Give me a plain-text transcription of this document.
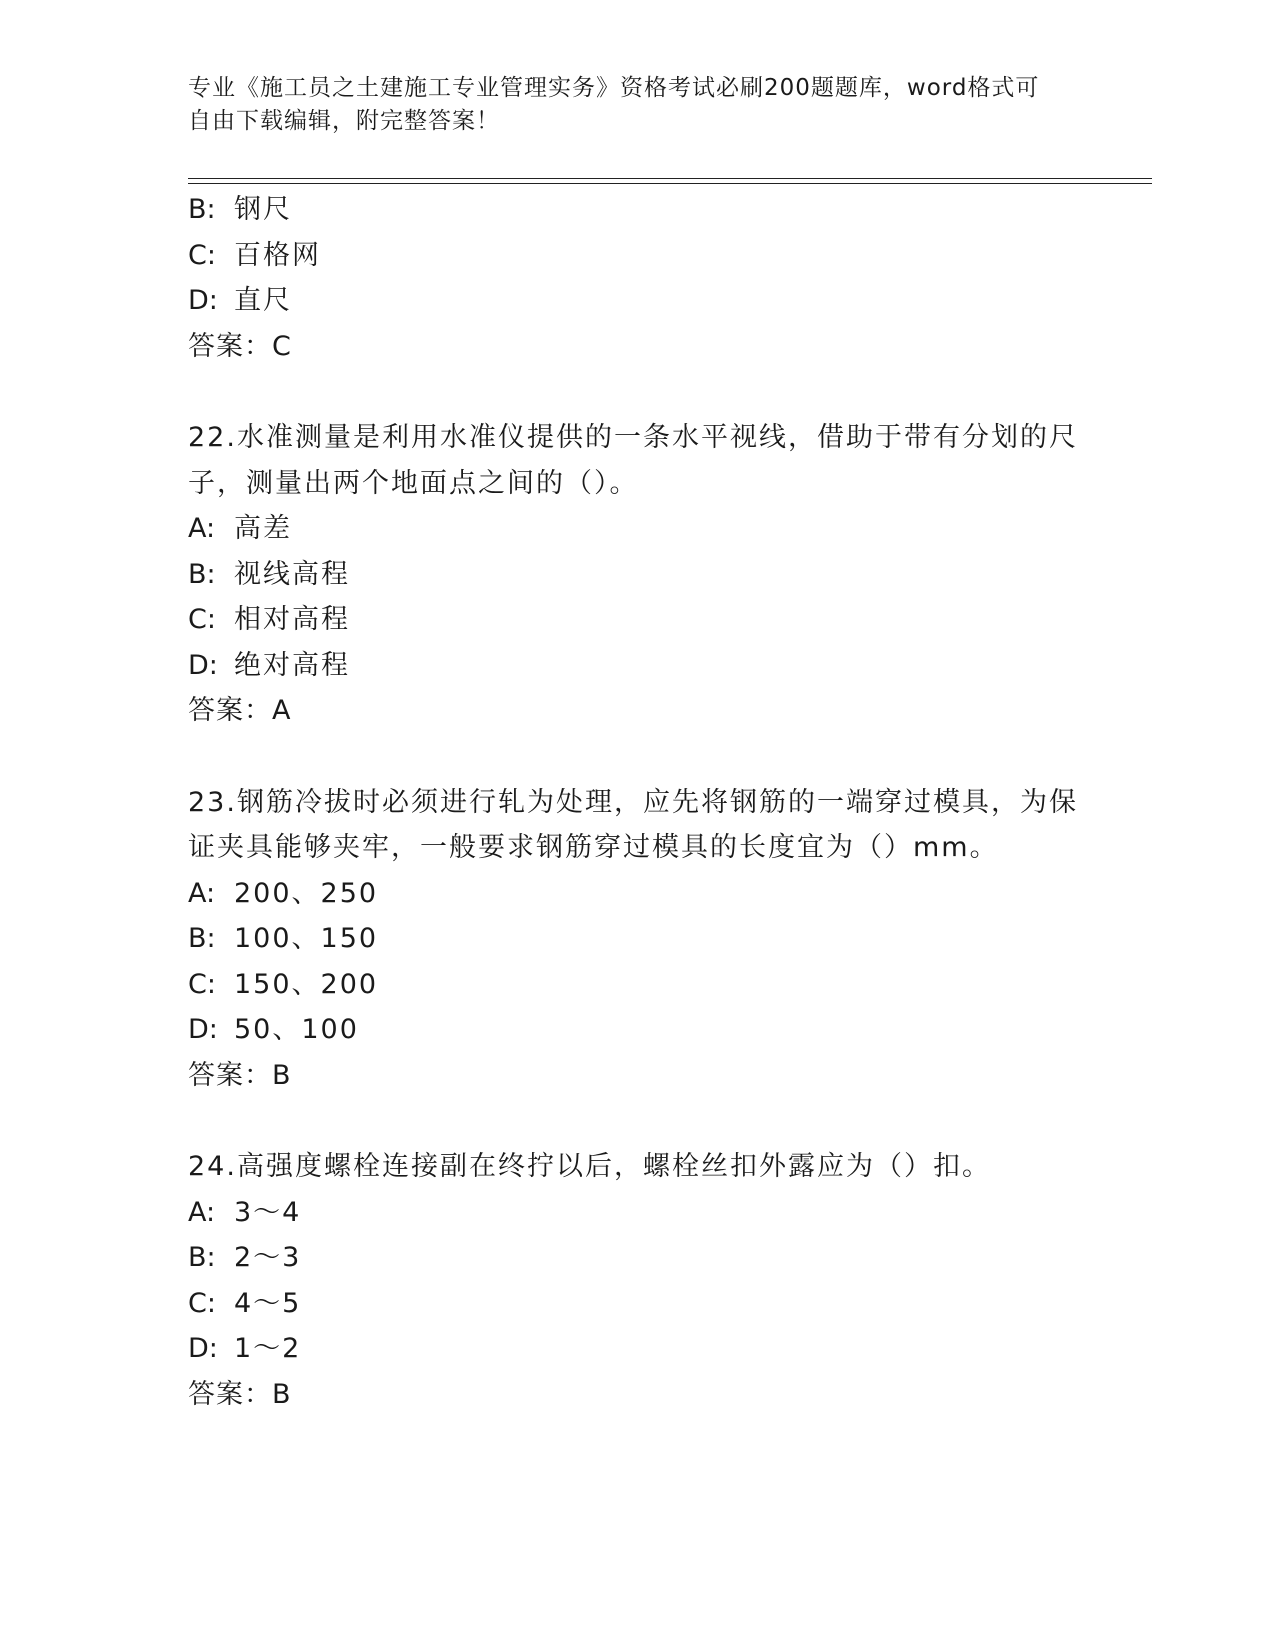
专业《施工员之土建施工专业管理实务》资格考试必刷200题题库，word格式可
自由下载编辑，附完整答案！
B: 钢尺
C: 百格网
D: 直尺
答案：C
22.水准测量是利用水准仪提供的一条水平视线，借助于带有分划的尺
子，测量出两个地面点之间的（）。
A: 高差
B: 视线高程
C: 相对高程
D: 绝对高程
答案：A
23.钢筋冷拔时必须进行轧为处理，应先将钢筋的一端穿过模具，为保
证夹具能够夹牢，一般要求钢筋穿过模具的长度宜为（）mm。
A: 200、250
B: 100、150
C: 150、200
D: 50、100
答案：B
24.高强度螺栓连接副在终拧以后，螺栓丝扣外露应为（）扣。
A: 3～4
B: 2～3
C: 4～5
D: 1～2
答案：B
